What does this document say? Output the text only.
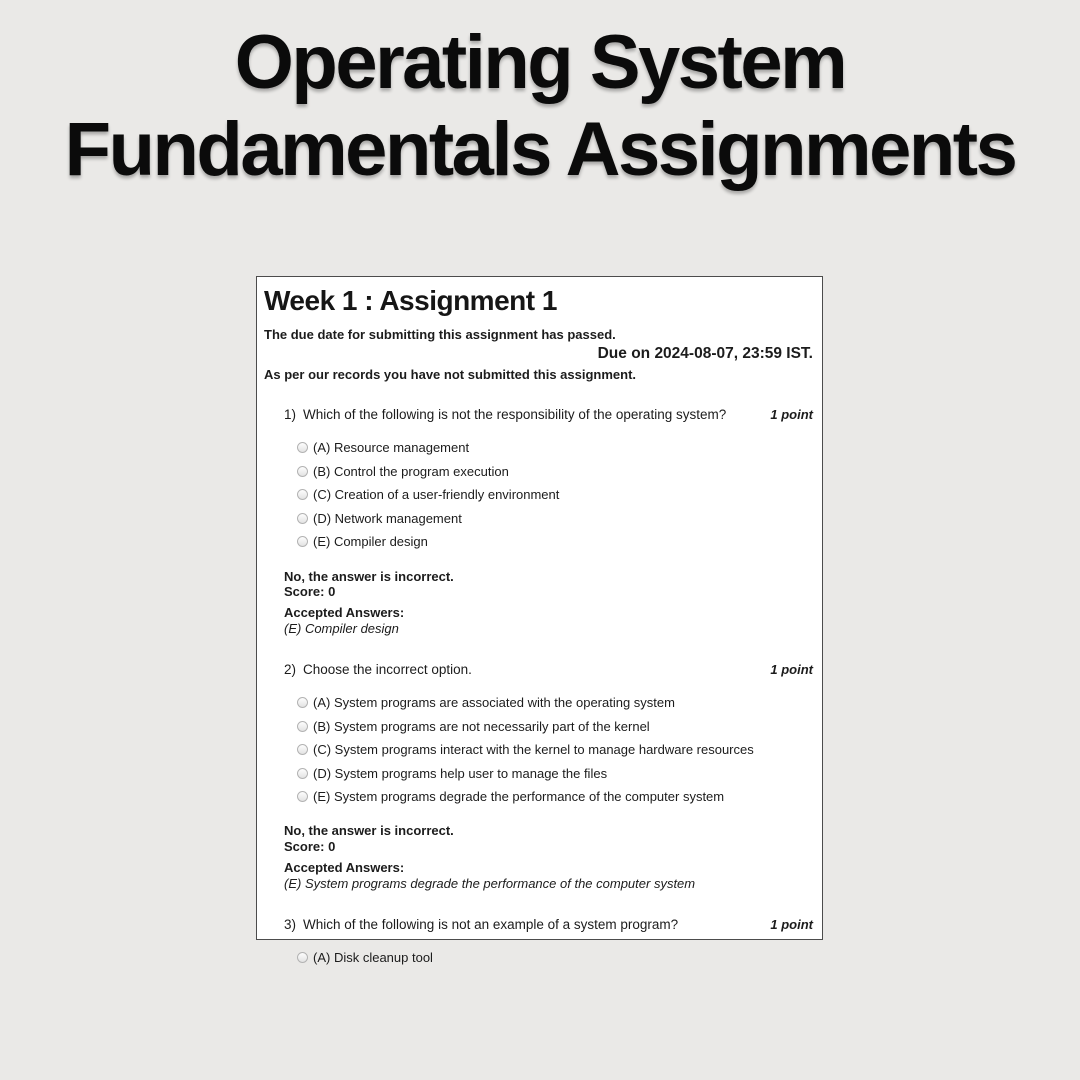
Operating System
Fundamentals Assignments
Week 1 : Assignment 1

The due date for submitting this assignment has passed.

Due on 2024-08-07, 23:59 IST.

As per our records you have not submitted this assignment.

1) Which of the following is not the responsibility of the operating system?	1 point
(A) Resource management
(B) Control the program execution
(C) Creation of a user-friendly environment
(D) Network management
(E) Compiler design

No, the answer is incorrect.

Score: 0

Accepted Answers:

(E) Compiler design

2) Choose the incorrect option.	1 point
(A) System programs are associated with the operating system
(B) System programs are not necessarily part of the kernel
(C) System programs interact with the kernel to manage hardware resources
(D) System programs help user to manage the files
(E) System programs degrade the performance of the computer system

No, the answer is incorrect.

Score: 0

Accepted Answers:

(E) System programs degrade the performance of the computer system

3) Which of the following is not an example of a system program?	1 point
(A) Disk cleanup tool
